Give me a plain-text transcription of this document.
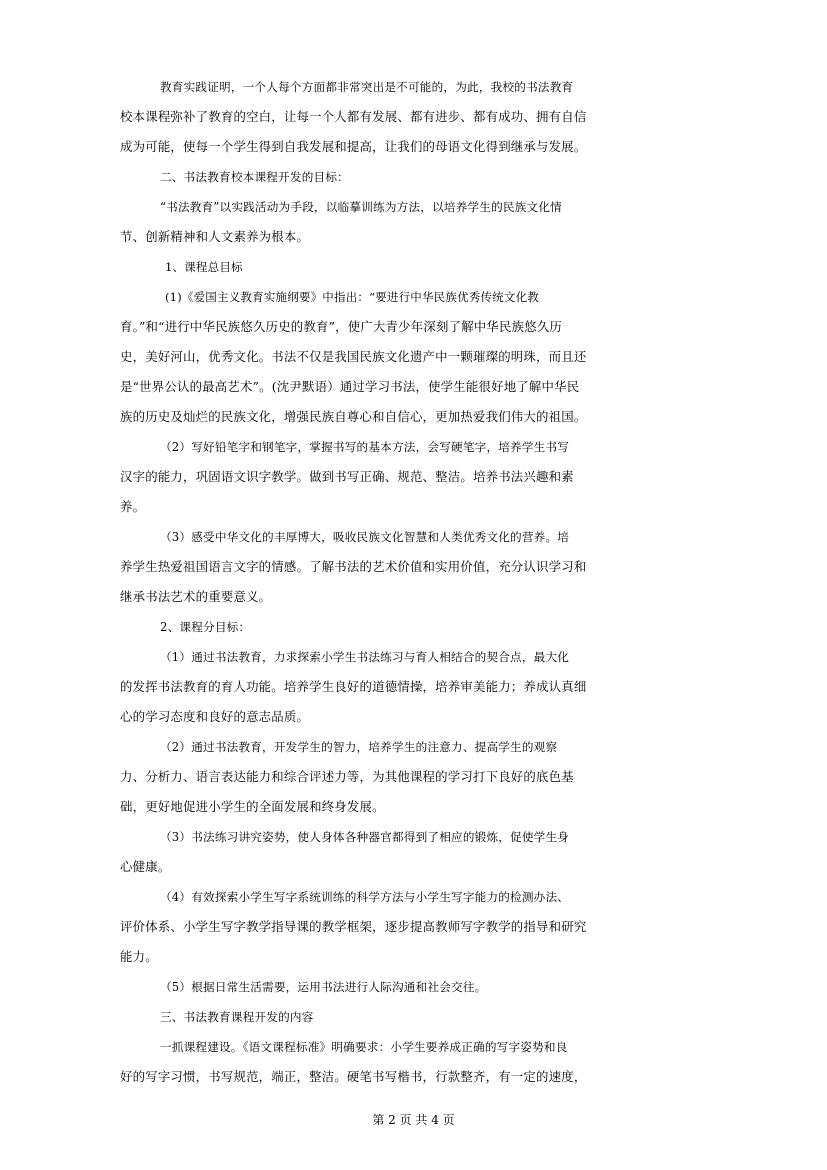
教育实践证明，一个人每个方面都非常突出是不可能的，为此，我校的书法教育
校本课程弥补了教育的空白，让每一个人都有发展、都有进步、都有成功、拥有自信
成为可能，使每一个学生得到自我发展和提高，让我们的母语文化得到继承与发展。
二、书法教育校本课程开发的目标：
“书法教育”以实践活动为手段，以临摹训练为方法，以培养学生的民族文化情
节、创新精神和人文素养为根本。
1、课程总目标
(1)《爱国主义教育实施纲要》中指出：“要进行中华民族优秀传统文化教
育。”和“进行中华民族悠久历史的教育”，使广大青少年深刻了解中华民族悠久历
史，美好河山，优秀文化。书法不仅是我国民族文化遗产中一颗璀璨的明珠，而且还
是“世界公认的最高艺术”。(沈尹默语）通过学习书法，使学生能很好地了解中华民
族的历史及灿烂的民族文化，增强民族自尊心和自信心，更加热爱我们伟大的祖国。
（2）写好铅笔字和钢笔字，掌握书写的基本方法，会写硬笔字，培养学生书写
汉字的能力，巩固语文识字教学。做到书写正确、规范、整洁。培养书法兴趣和素
养。
（3）感受中华文化的丰厚博大，吸收民族文化智慧和人类优秀文化的营养。培
养学生热爱祖国语言文字的情感。了解书法的艺术价值和实用价值，充分认识学习和
继承书法艺术的重要意义。
2、课程分目标：
（1）通过书法教育，力求探索小学生书法练习与育人相结合的契合点，最大化
的发挥书法教育的育人功能。培养学生良好的道德情操，培养审美能力；养成认真细
心的学习态度和良好的意志品质。
（2）通过书法教育，开发学生的智力，培养学生的注意力、提高学生的观察
力、分析力、语言表达能力和综合评述力等，为其他课程的学习打下良好的底色基
础，更好地促进小学生的全面发展和终身发展。
（3）书法练习讲究姿势，使人身体各种器官都得到了相应的锻炼，促使学生身
心健康。
（4）有效探索小学生写字系统训练的科学方法与小学生写字能力的检测办法、
评价体系、小学生写字教学指导课的教学框架，逐步提高教师写字教学的指导和研究
能力。
（5）根据日常生活需要，运用书法进行人际沟通和社会交往。
三、书法教育课程开发的内容
一抓课程建设。《语文课程标准》明确要求：小学生要养成正确的写字姿势和良
好的写字习惯，书写规范，端正，整洁。硬笔书写楷书，行款整齐，有一定的速度，
第 2 页 共 4 页
